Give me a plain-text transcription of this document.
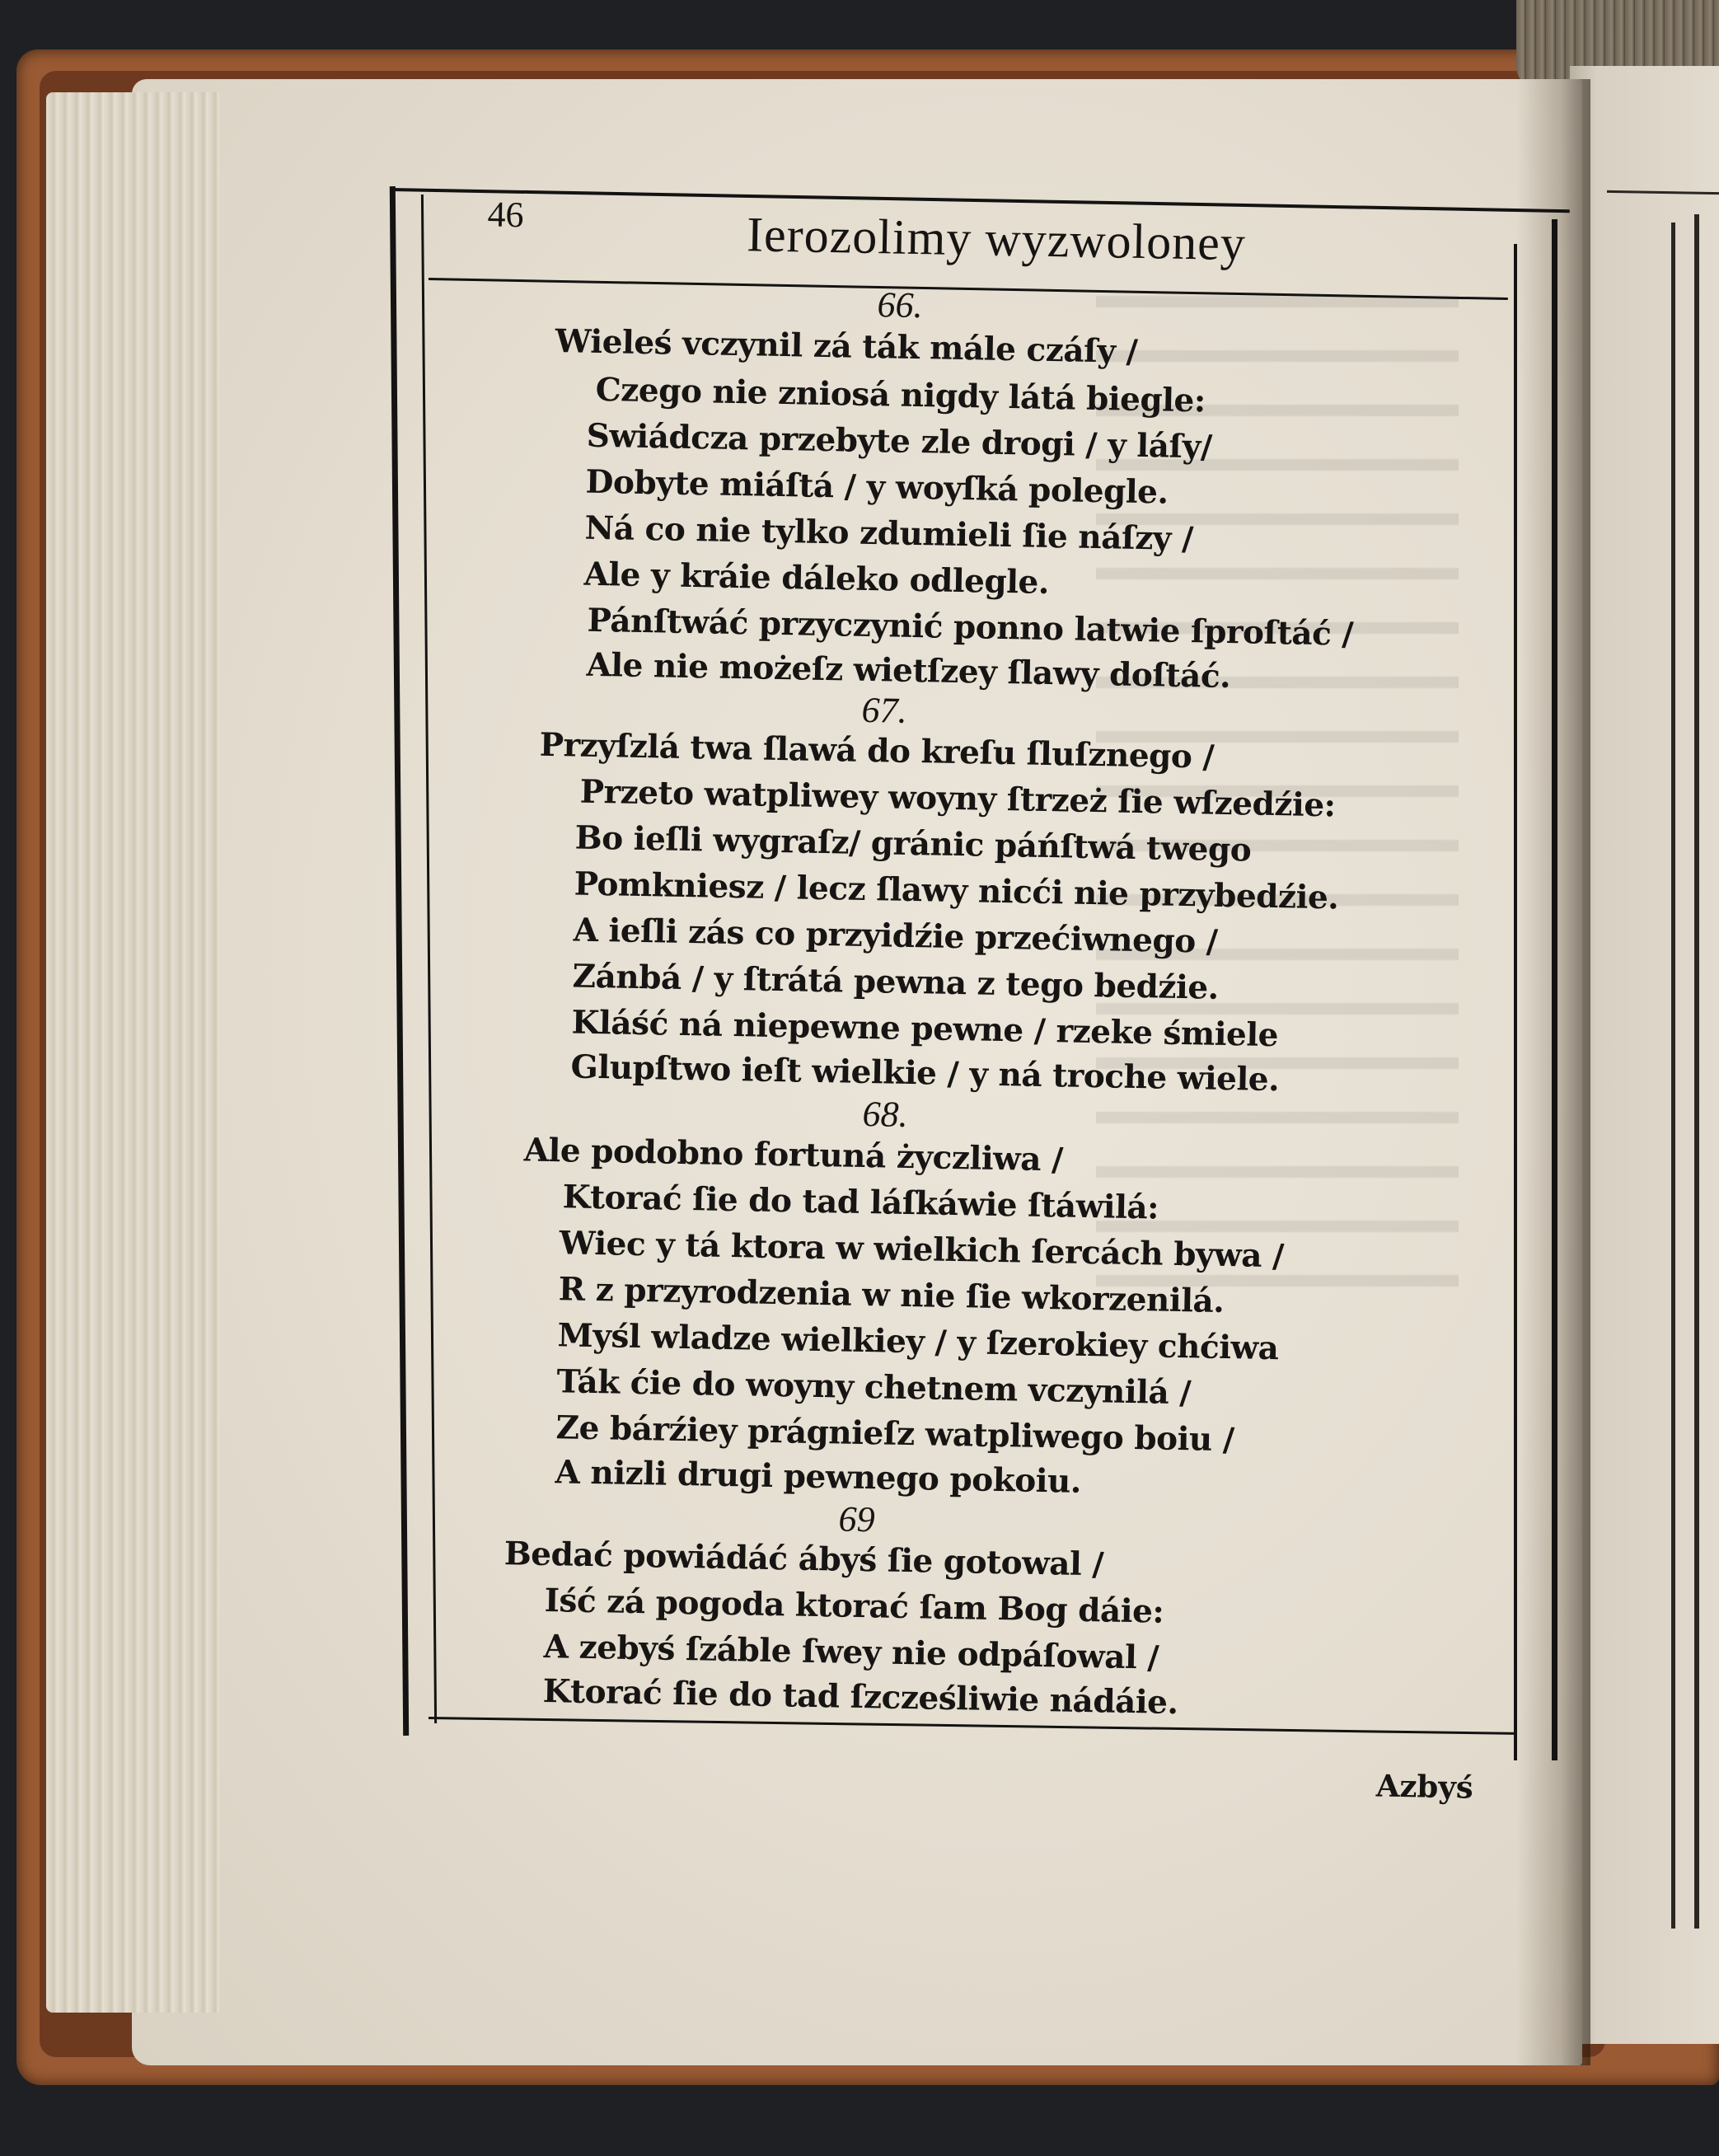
46	Ierozolimy wyzwoloney
66.
Wieleś vczynil zá ták mále czáſy /
Czego nie zniosá nigdy látá biegle:
Swiádcza przebyte zle drogi / y láſy/
Dobyte miáſtá / y woyſká polegle.
Ná co nie tylko zdumieli ſie náſzy /
Ale y kráie dáleko odlegle.
Pánſtwáć przyczynić ponno latwie ſproſtáć /
Ale nie możeſz wietſzey ſlawy doſtáć.
67.
Przyſzlá twa ſlawá do kreſu ſluſznego /
Przeto watpliwey woyny ſtrzeż ſie wſzedźie:
Bo ieſli wygraſz/ gránic páńſtwá twego
Pomkniesz / lecz ſlawy nicći nie przybedźie.
A ieſli zás co przyidźie przećiwnego /
Zánbá / y ſtrátá pewna z tego bedźie.
Kláść ná niepewne pewne / rzeke śmiele
Glupſtwo ieſt wielkie / y ná troche wiele.
68.
Ale podobno fortuná życzliwa /
Ktorać ſie do tad láſkáwie ſtáwilá:
Wiec y tá ktora w wielkich ſercách bywa /
R z przyrodzenia w nie ſie wkorzenilá.
Myśl wladze wielkiey / y ſzerokiey chćiwa
Ták ćie do woyny chetnem vczynilá /
Ze bárźiey prágnieſz watpliwego boiu /
A nizli drugi pewnego pokoiu.
69
Bedać powiádáć ábyś ſie gotowal /
Iść zá pogoda ktorać ſam Bog dáie:
A zebyś ſzáble ſwey nie odpáſowal /
Ktorać ſie do tad ſzcześliwie nádáie.
Azbyś
